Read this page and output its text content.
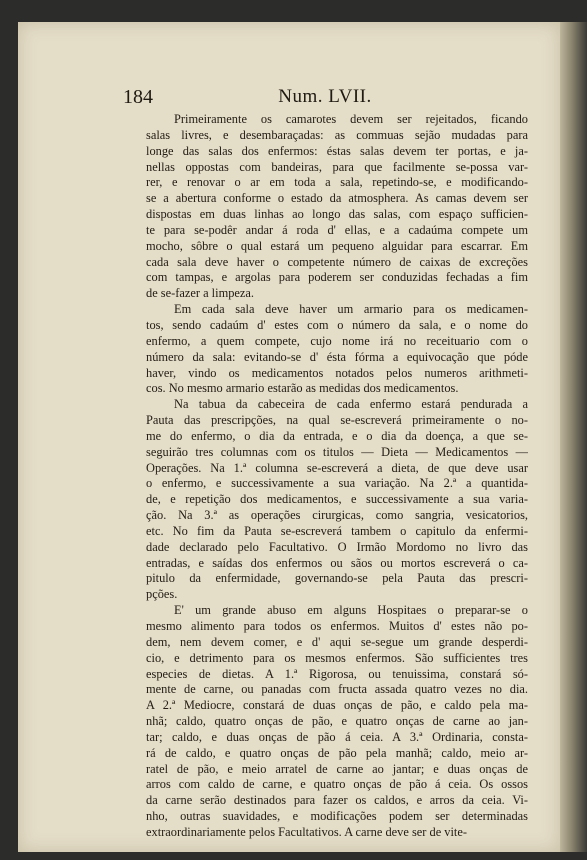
184	Num. LVII.

Primeiramente os camarotes devem ser rejeitados, ficando
salas livres, e desembaraçadas: as commuas sejão mudadas para
longe das salas dos enfermos: éstas salas devem ter portas, e ja-
nellas oppostas com bandeiras, para que facilmente se-possa var-
rer, e renovar o ar em toda a sala, repetindo-se, e modificando-
se a abertura conforme o estado da atmosphera. As camas devem ser
dispostas em duas linhas ao longo das salas, com espaço sufficien-
te para se-podêr andar á roda d' ellas, e a cadaúma compete um
mocho, sôbre o qual estará um pequeno alguidar para escarrar. Em
cada sala deve haver o competente número de caixas de excreções
com tampas, e argolas para poderem ser conduzidas fechadas a fim
de se-fazer a limpeza.

Em cada sala deve haver um armario para os medicamen-
tos, sendo cadaúm d' estes com o número da sala, e o nome do
enfermo, a quem compete, cujo nome irá no receituario com o
número da sala: evitando-se d' ésta fórma a equivocação que póde
haver, vindo os medicamentos notados pelos numeros arithmeti-
cos. No mesmo armario estarão as medidas dos medicamentos.

Na tabua da cabeceira de cada enfermo estará pendurada a
Pauta das prescripções, na qual se-escreverá primeiramente o no-
me do enfermo, o dia da entrada, e o dia da doença, a que se-
seguirão tres columnas com os titulos — Dieta — Medicamentos —
Operações. Na 1.ª columna se-escreverá a dieta, de que deve usar
o enfermo, e successivamente a sua variação. Na 2.ª a quantida-
de, e repetição dos medicamentos, e successivamente a sua varia-
ção. Na 3.ª as operações cirurgicas, como sangria, vesicatorios,
etc. No fim da Pauta se-escreverá tambem o capitulo da enfermi-
dade declarado pelo Facultativo. O Irmão Mordomo no livro das
entradas, e saídas dos enfermos ou sãos ou mortos escreverá o ca-
pitulo da enfermidade, governando-se pela Pauta das prescri-
pções.

E' um grande abuso em alguns Hospitaes o preparar-se o
mesmo alimento para todos os enfermos. Muitos d' estes não po-
dem, nem devem comer, e d' aqui se-segue um grande desperdi-
cio, e detrimento para os mesmos enfermos. São sufficientes tres
especies de dietas. A 1.ª Rigorosa, ou tenuissima, constará só-
mente de carne, ou panadas com fructa assada quatro vezes no dia.
A 2.ª Mediocre, constará de duas onças de pão, e caldo pela ma-
nhã; caldo, quatro onças de pão, e quatro onças de carne ao jan-
tar; caldo, e duas onças de pão á ceia. A 3.ª Ordinaria, consta-
rá de caldo, e quatro onças de pão pela manhã; caldo, meio ar-
ratel de pão, e meio arratel de carne ao jantar; e duas onças de
arros com caldo de carne, e quatro onças de pão á ceia. Os ossos
da carne serão destinados para fazer os caldos, e arros da ceia. Vi-
nho, outras suavidades, e modificações podem ser determinadas
extraordinariamente pelos Facultativos. A carne deve ser de vite-
